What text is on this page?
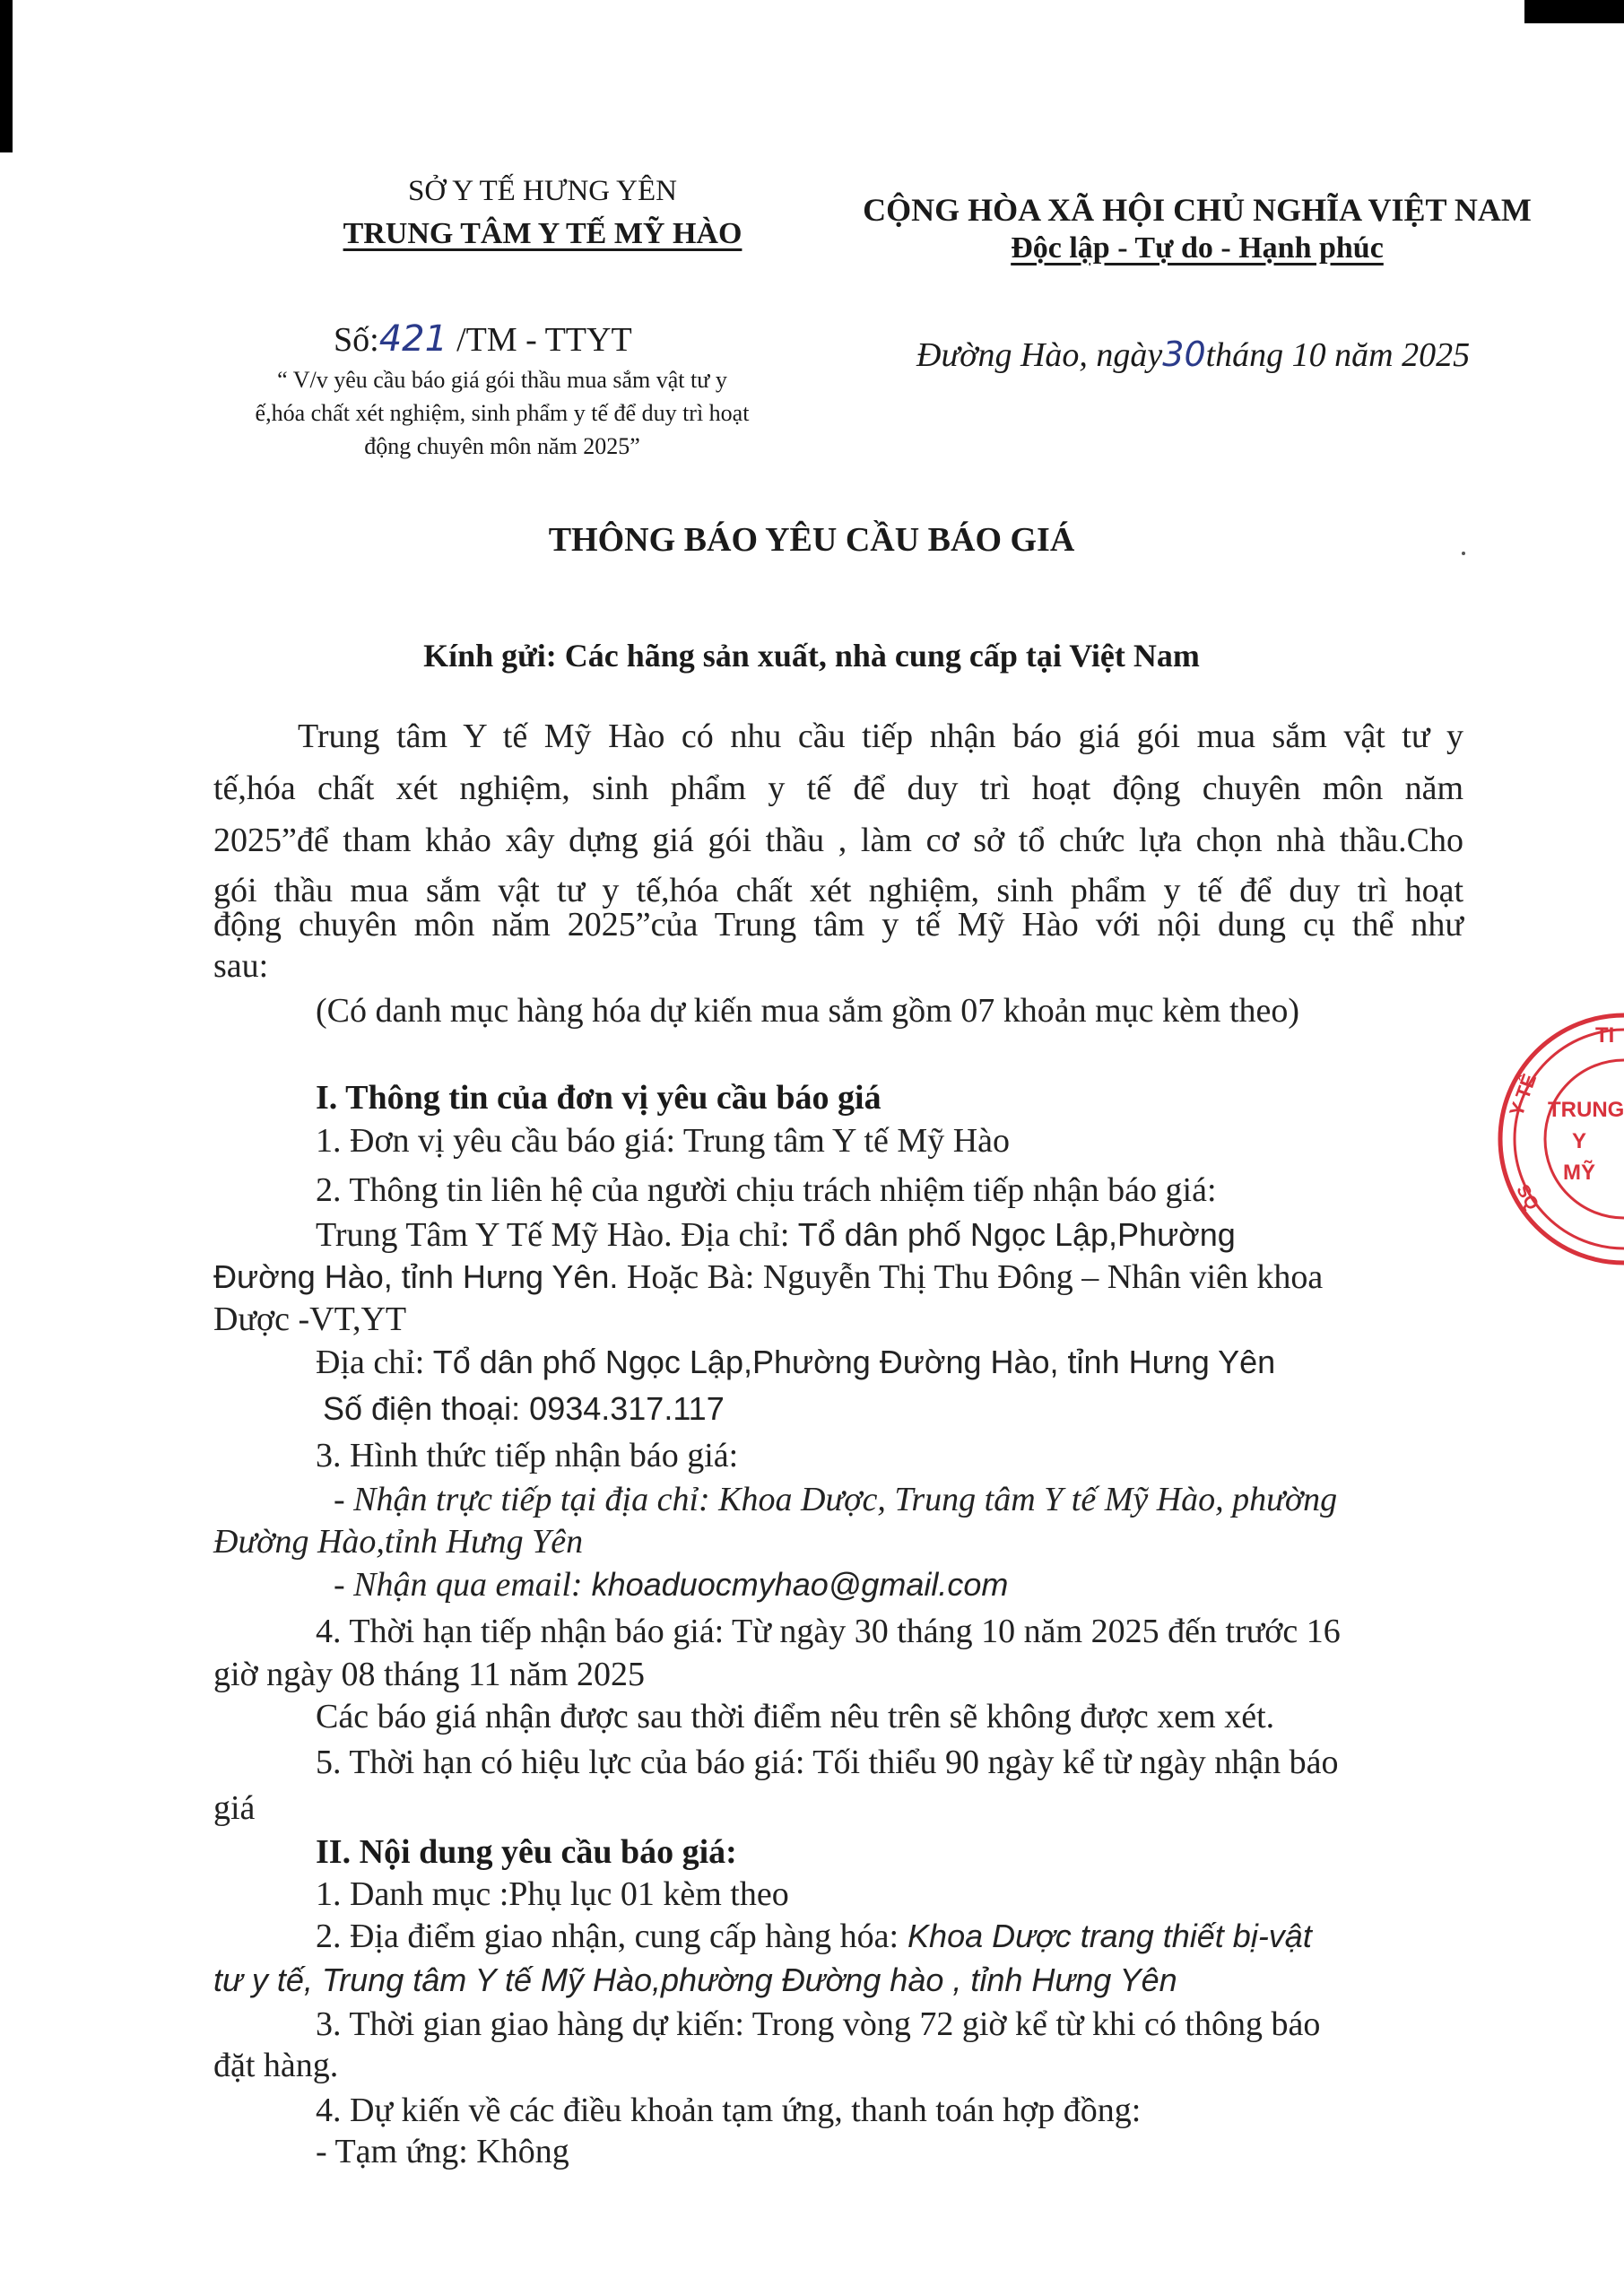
SỞ Y TẾ HƯNG YÊN
TRUNG TÂM Y TẾ MỸ HÀO
Số:421 /TM - TTYT
“ V/v yêu cầu báo giá gói thầu mua sắm vật tư y
ế,hóa chất xét nghiệm, sinh phẩm y tế để duy trì hoạt
động chuyên môn năm 2025”
CỘNG HÒA XÃ HỘI CHỦ NGHĨA VIỆT NAM
Độc lập - Tự do - Hạnh phúc
Đường Hào, ngày30tháng 10 năm 2025
THÔNG BÁO YÊU CẦU BÁO GIÁ
Kính gửi: Các hãng sản xuất, nhà cung cấp tại Việt Nam
Trung tâm Y tế Mỹ Hào có nhu cầu tiếp nhận báo giá gói mua sắm vật tư y
tế,hóa chất xét nghiệm, sinh phẩm y tế để duy trì hoạt động chuyên môn năm
2025”để tham khảo xây dựng giá gói thầu , làm cơ sở tổ chức lựa chọn nhà thầu.Cho
gói thầu mua sắm vật tư y tế,hóa chất xét nghiệm, sinh phẩm y tế để duy trì hoạt
động chuyên môn năm 2025”của Trung tâm y tế Mỹ Hào với nội dung cụ thể như
sau:
(Có danh mục hàng hóa dự kiến mua sắm gồm 07 khoản mục kèm theo)
I. Thông tin của đơn vị yêu cầu báo giá
1. Đơn vị yêu cầu báo giá: Trung tâm Y tế Mỹ Hào
2. Thông tin liên hệ của người chịu trách nhiệm tiếp nhận báo giá:
Trung Tâm Y Tế Mỹ Hào. Địa chỉ: Tổ dân phố Ngọc Lập,Phường
Đường Hào, tỉnh Hưng Yên. Hoặc Bà: Nguyễn Thị Thu Đông – Nhân viên khoa
Dược -VT,YT
Địa chỉ: Tổ dân phố Ngọc Lập,Phường Đường Hào, tỉnh Hưng Yên
Số điện thoại: 0934.317.117
3. Hình thức tiếp nhận báo giá:
- Nhận trực tiếp tại địa chỉ: Khoa Dược, Trung tâm Y tế Mỹ Hào, phường
Đường Hào,tỉnh Hưng Yên
- Nhận qua email: khoaduocmyhao@gmail.com
4. Thời hạn tiếp nhận báo giá: Từ ngày 30 tháng 10 năm 2025 đến trước 16
giờ ngày 08 tháng 11 năm 2025
Các báo giá nhận được sau thời điểm nêu trên sẽ không được xem xét.
5. Thời hạn có hiệu lực của báo giá: Tối thiểu 90 ngày kể từ ngày nhận báo
giá
II. Nội dung yêu cầu báo giá:
1. Danh mục :Phụ lục 01 kèm theo
2. Địa điểm giao nhận, cung cấp hàng hóa: Khoa Dược trang thiết bị-vật
tư y tế, Trung tâm Y tế Mỹ Hào,phường Đường hào , tỉnh Hưng Yên
3. Thời gian giao hàng dự kiến: Trong vòng 72 giờ kể từ khi có thông báo
đặt hàng.
4. Dự kiến về các điều khoản tạm ứng, thanh toán hợp đồng:
- Tạm ứng: Không
TI
Y TẾ
SQ
TRUNG
Y
MỸ
